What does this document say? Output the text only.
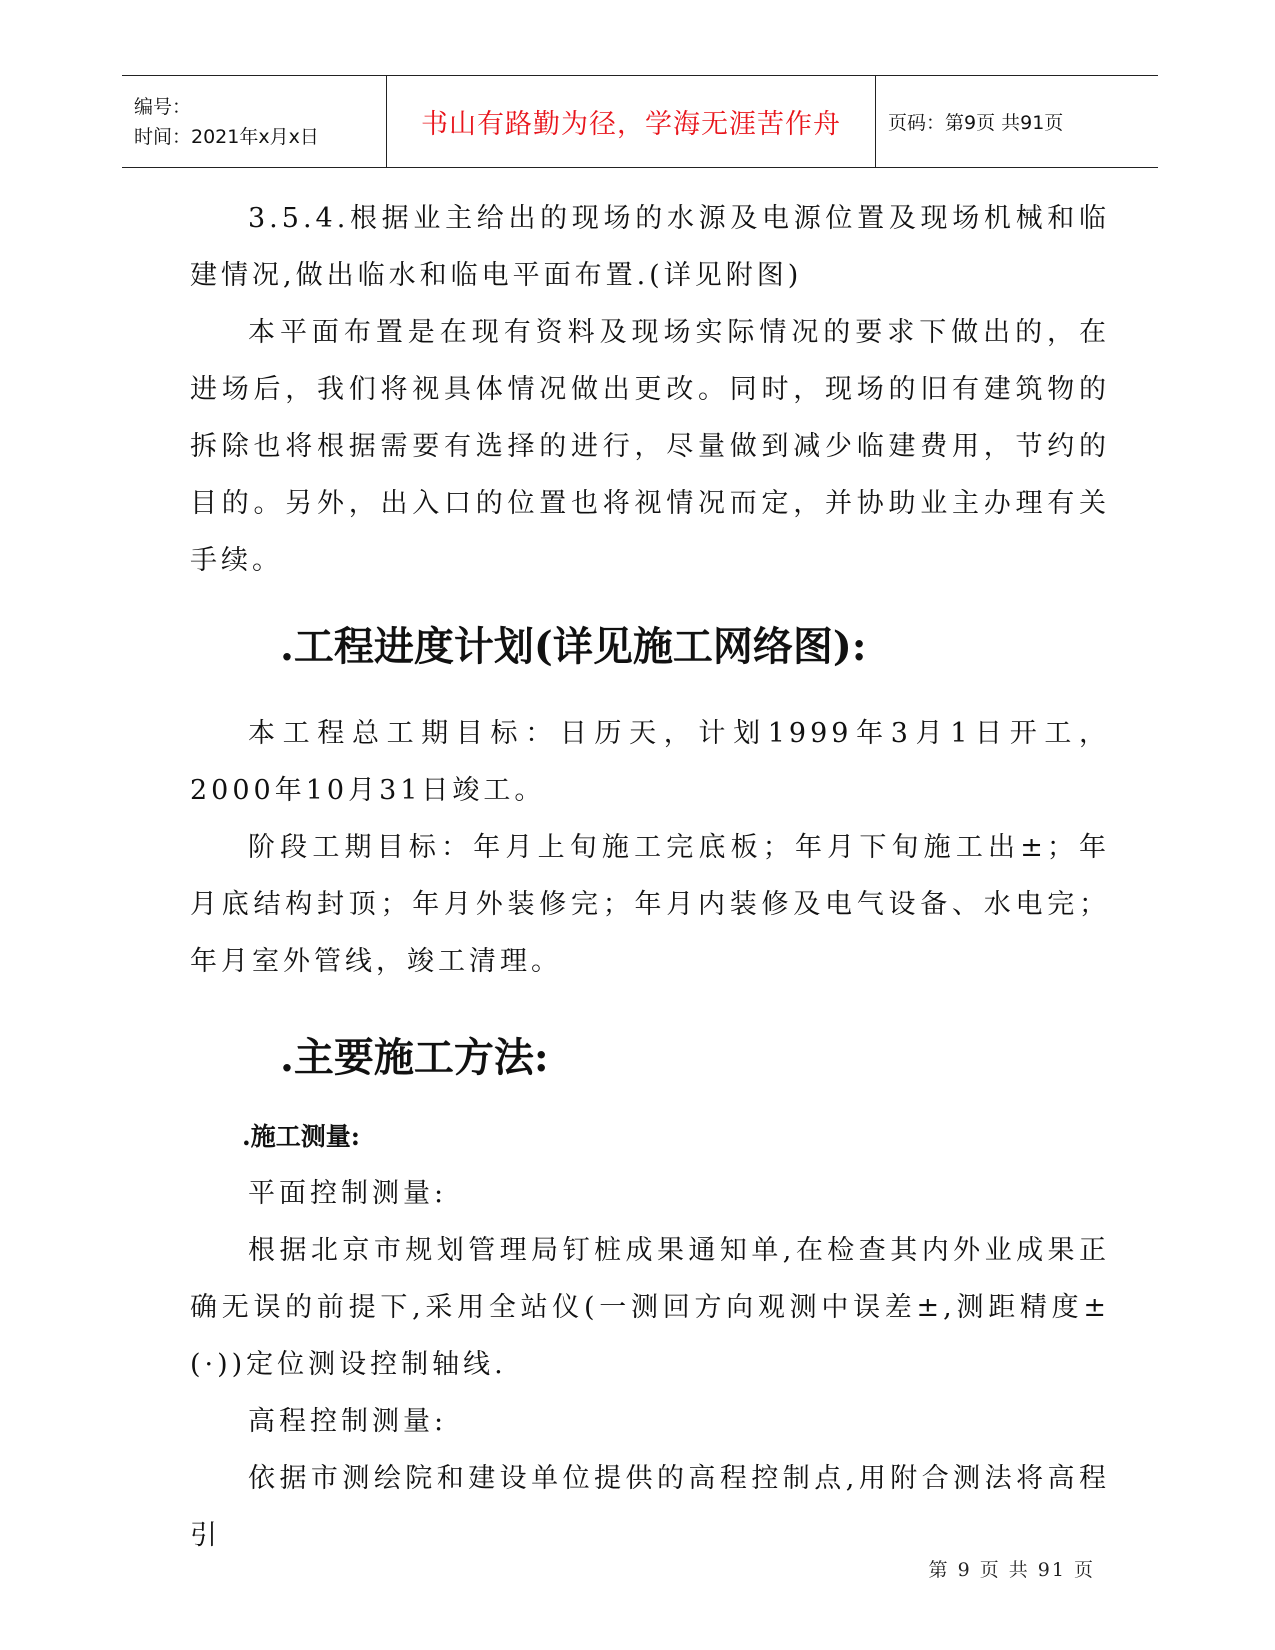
编号：
时间：2021年x月x日	书山有路勤为径，学海无涯苦作舟 页码：第9页 共91页

3.5.4.根据业主给出的现场的水源及电源位置及现场机械和临建情况,做出临水和临电平面布置.(详见附图)

本平面布置是在现有资料及现场实际情况的要求下做出的，在进场后，我们将视具体情况做出更改。同时，现场的旧有建筑物的拆除也将根据需要有选择的进行，尽量做到减少临建费用，节约的目的。另外，出入口的位置也将视情况而定，并协助业主办理有关手续。

.工程进度计划(详见施工网络图):

本工程总工期目标：日历天，计划1999年3月1日开工，2000年10月31日竣工。

阶段工期目标：年月上旬施工完底板；年月下旬施工出±；年月底结构封顶；年月外装修完；年月内装修及电气设备、水电完；年月室外管线，竣工清理。

.主要施工方法:
.施工测量:

平面控制测量:

根据北京市规划管理局钉桩成果通知单,在检查其内外业成果正确无误的前提下,采用全站仪(一测回方向观测中误差±,测距精度±(·))定位测设控制轴线.

高程控制测量:

依据市测绘院和建设单位提供的高程控制点,用附合测法将高程引

第 9 页 共 91 页
